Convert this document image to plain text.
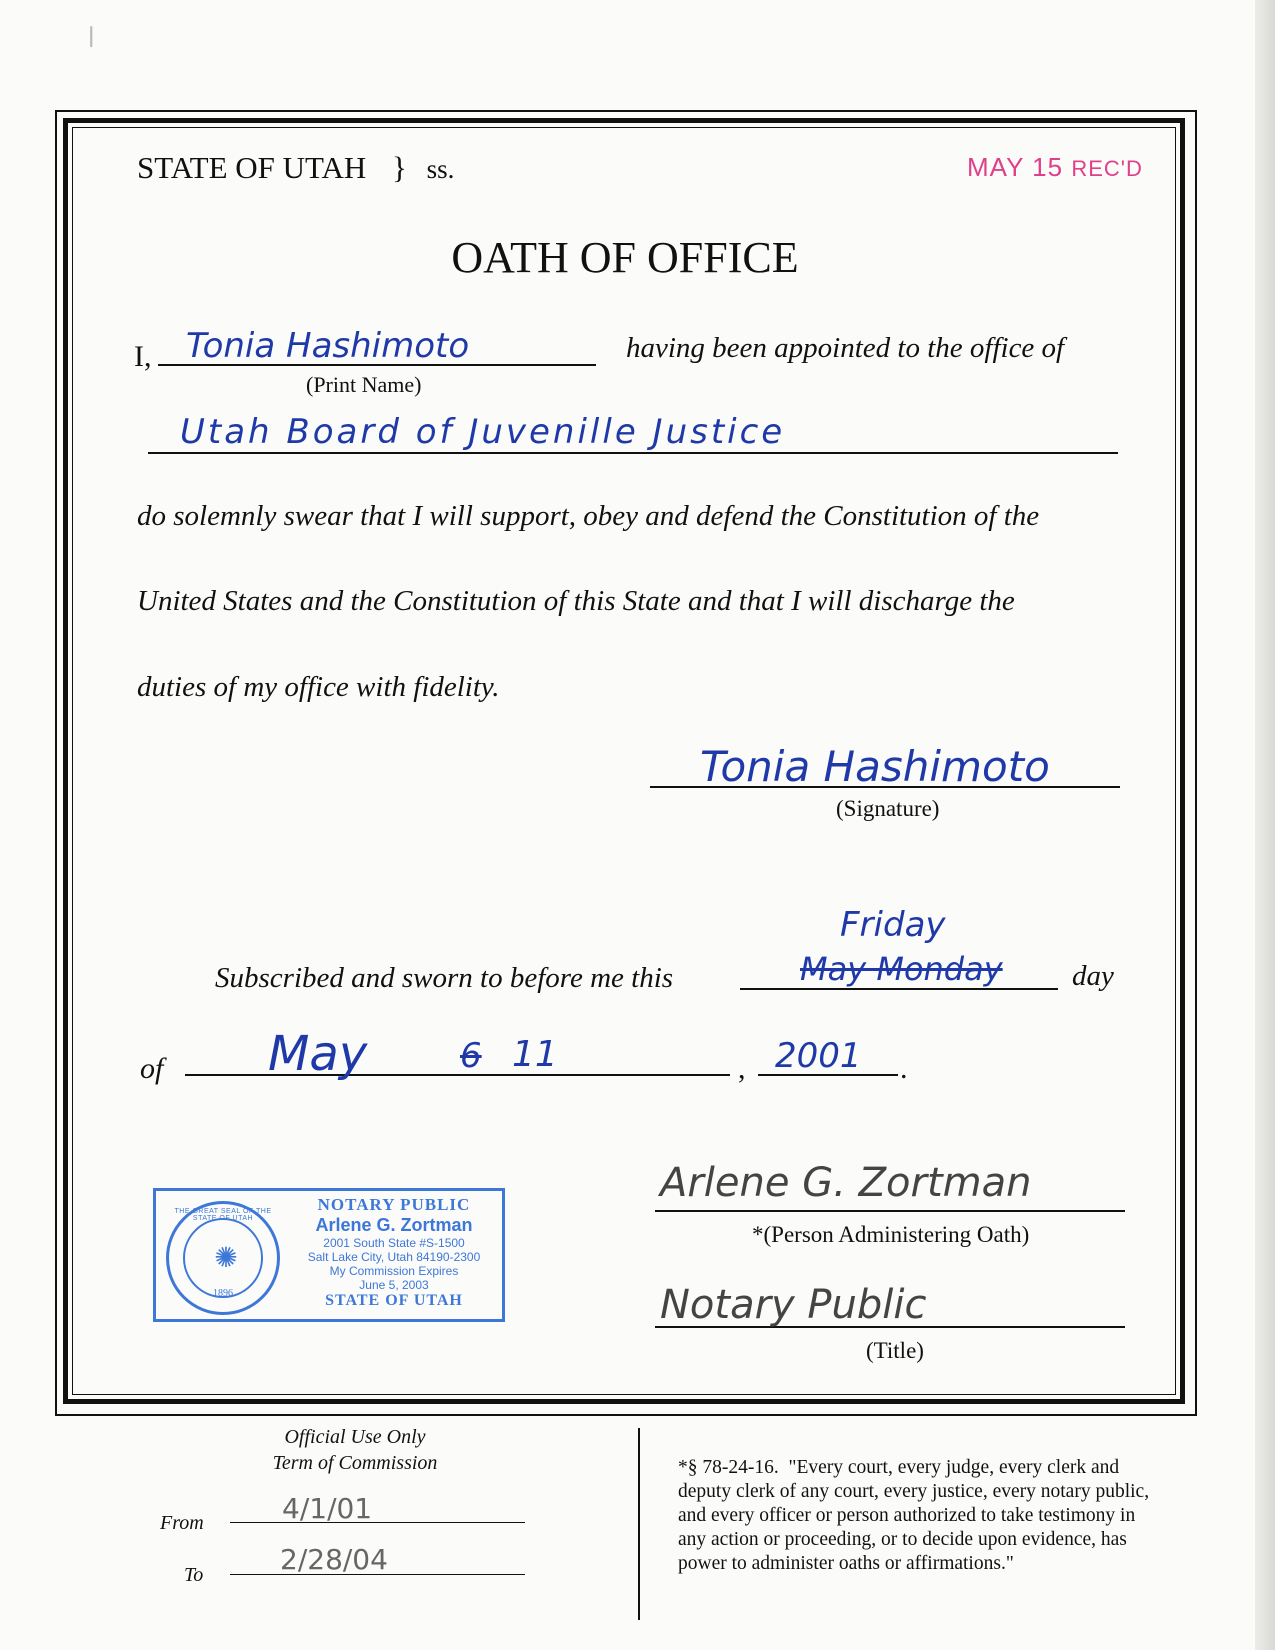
ꟾ
STATE OF UTAH } ss.	MAY 15 REC'D
OATH OF OFFICE
I, Tonia Hashimoto
(Print Name)
having been appointed to the office of
Utah Board of Juvenille Justice
do solemnly swear that I will support, obey and defend the Constitution of the
United States and the Constitution of this State and that I will discharge the
duties of my office with fidelity.
Tonia Hashimoto
(Signature)
Subscribed and sworn to before me this
Friday
May Monday day
of May	6 11	, 2001 .
THE GREAT SEAL OF THE STATE OF UTAH
✺
1896
NOTARY PUBLIC
Arlene G. Zortman
2001 South State #S-1500
Salt Lake City, Utah 84190-2300
My Commission Expires
June 5, 2003
STATE OF UTAH
Arlene G. Zortman
*(Person Administering Oath)
Notary Public
(Title)
Official Use Only
Term of Commission
From	4/1/01
To	2/28/04
*§ 78-24-16.  "Every court, every judge, every clerk and
deputy clerk of any court, every justice, every notary public,
and every officer or person authorized to take testimony in
any action or proceeding, or to decide upon evidence, has
power to administer oaths or affirmations."
